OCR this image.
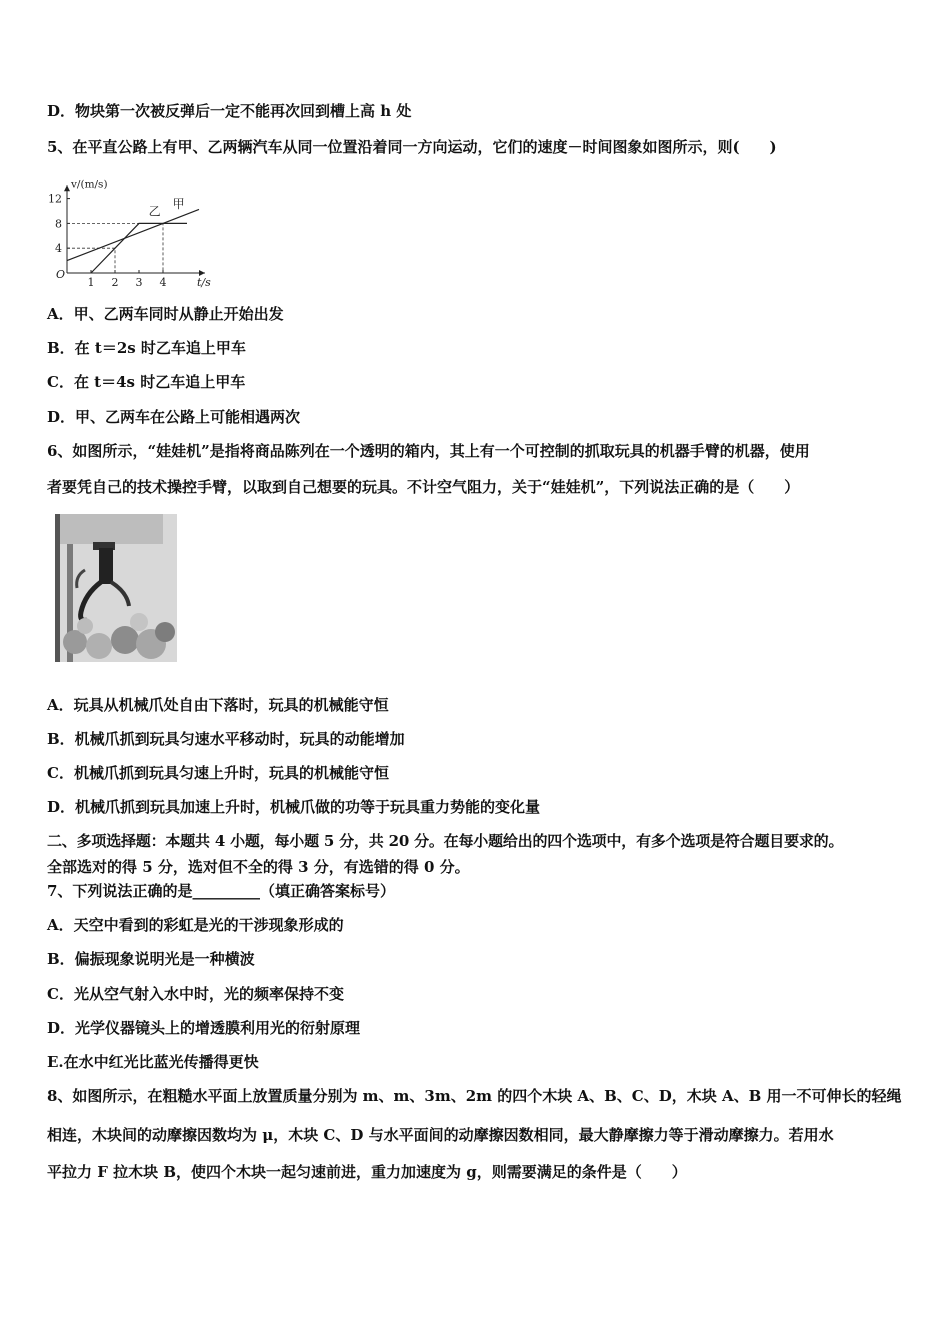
D．物块第一次被反弹后一定不能再次回到槽上高 h 处
5、在平直公路上有甲、乙两辆汽车从同一位置沿着同一方向运动，它们的速度－时间图象如图所示，则(　　)
1 2 3 4
4
8
12
O
v/(m/s)
t/s
甲
乙
A．甲、乙两车同时从静止开始出发
B．在 t＝2s 时乙车追上甲车
C．在 t＝4s 时乙车追上甲车
D．甲、乙两车在公路上可能相遇两次
6、如图所示，“娃娃机”是指将商品陈列在一个透明的箱内，其上有一个可控制的抓取玩具的机器手臂的机器，使用
者要凭自己的技术操控手臂，以取到自己想要的玩具。不计空气阻力，关于“娃娃机”，下列说法正确的是（　　）
A．玩具从机械爪处自由下落时，玩具的机械能守恒
B．机械爪抓到玩具匀速水平移动时，玩具的动能增加
C．机械爪抓到玩具匀速上升时，玩具的机械能守恒
D．机械爪抓到玩具加速上升时，机械爪做的功等于玩具重力势能的变化量
二、多项选择题：本题共 4 小题，每小题 5 分，共 20 分。在每小题给出的四个选项中，有多个选项是符合题目要求的。
全部选对的得 5 分，选对但不全的得 3 分，有选错的得 0 分。
7、下列说法正确的是_________（填正确答案标号）
A．天空中看到的彩虹是光的干涉现象形成的
B．偏振现象说明光是一种横波
C．光从空气射入水中时，光的频率保持不变
D．光学仪器镜头上的增透膜利用光的衍射原理
E.在水中红光比蓝光传播得更快
8、如图所示，在粗糙水平面上放置质量分别为 m、m、3m、2m 的四个木块 A、B、C、D，木块 A、B 用一不可伸长的轻绳
相连，木块间的动摩擦因数均为 μ，木块 C、D 与水平面间的动摩擦因数相同，最大静摩擦力等于滑动摩擦力。若用水
平拉力 F 拉木块 B，使四个木块一起匀速前进，重力加速度为 g，则需要满足的条件是（　　）
